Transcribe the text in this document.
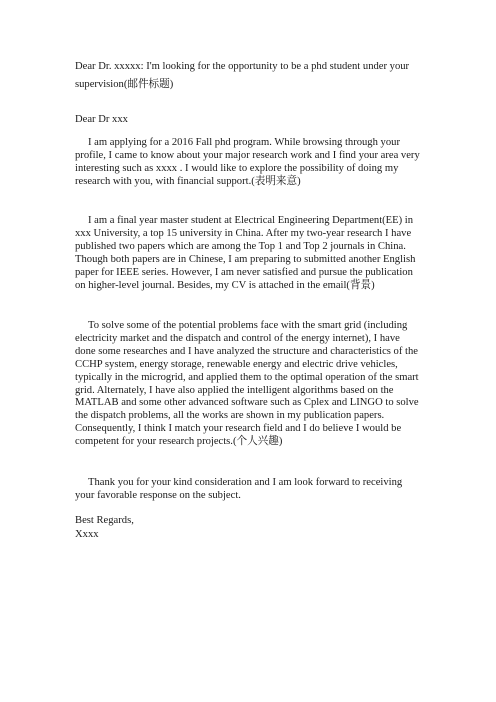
Dear Dr. xxxxx: I'm looking for the opportunity to be a phd student under your supervision(邮件标题)

Dear Dr xxx

I am applying for a 2016 Fall phd program. While browsing through your profile, I came to know about your major research work and I find your area very interesting such as xxxx . I would like to explore the possibility of doing my research with you, with financial support.(表明来意)

I am a final year master student at Electrical Engineering Department(EE) in xxx University, a top 15 university in China. After my two-year research I have published two papers which are among the Top 1 and Top 2 journals in China. Though both papers are in Chinese, I am preparing to submitted another English paper for IEEE series. However, I am never satisfied and pursue the publication on higher-level journal. Besides, my CV is attached in the email(背景)

To solve some of the potential problems face with the smart grid (including electricity market and the dispatch and control of the energy internet), I have done some researches and I have analyzed the structure and characteristics of the CCHP system, energy storage, renewable energy and electric drive vehicles, typically in the microgrid, and applied them to the optimal operation of the smart grid. Alternately, I have also applied the intelligent algorithms based on the MATLAB and some other advanced software such as Cplex and LINGO to solve the dispatch problems, all the works are shown in my publication papers. Consequently, I think I match your research field and I do believe I would be competent for your research projects.(个人兴趣)

Thank you for your kind consideration and I am look forward to receiving your favorable response on the subject.

Best Regards,

Xxxx
